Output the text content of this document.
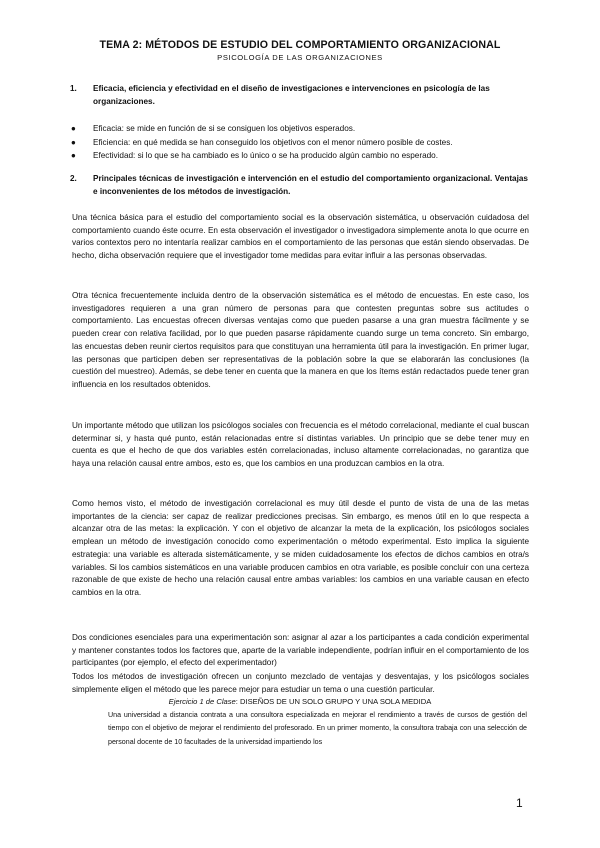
TEMA 2: MÉTODOS DE ESTUDIO DEL COMPORTAMIENTO ORGANIZACIONAL
PSICOLOGÍA DE LAS ORGANIZACIONES
1. Eficacia, eficiencia y efectividad en el diseño de investigaciones e intervenciones en psicología de las organizaciones.
● Eficacia: se mide en función de si se consiguen los objetivos esperados.
● Eficiencia: en qué medida se han conseguido los objetivos con el menor número posible de costes.
● Efectividad: si lo que se ha cambiado es lo único o se ha producido algún cambio no esperado.
2. Principales técnicas de investigación e intervención en el estudio del comportamiento organizacional. Ventajas e inconvenientes de los métodos de investigación.
Una técnica básica para el estudio del comportamiento social es la observación sistemática, u observación cuidadosa del comportamiento cuando éste ocurre. En esta observación el investigador o investigadora simplemente anota lo que ocurre en varios contextos pero no intentaría realizar cambios en el comportamiento de las personas que están siendo observadas. De hecho, dicha observación requiere que el investigador tome medidas para evitar influir a las personas observadas.
Otra técnica frecuentemente incluida dentro de la observación sistemática es el método de encuestas. En este caso, los investigadores requieren a una gran número de personas para que contesten preguntas sobre sus actitudes o comportamiento. Las encuestas ofrecen diversas ventajas como que pueden pasarse a una gran muestra fácilmente y se pueden crear con relativa facilidad, por lo que pueden pasarse rápidamente cuando surge un tema concreto. Sin embargo, las encuestas deben reunir ciertos requisitos para que constituyan una herramienta útil para la investigación. En primer lugar, las personas que participen deben ser representativas de la población sobre la que se elaborarán las conclusiones (la cuestión del muestreo). Además, se debe tener en cuenta que la manera en que los ítems están redactados puede tener gran influencia en los resultados obtenidos.
Un importante método que utilizan los psicólogos sociales con frecuencia es el método correlacional, mediante el cual buscan determinar si, y hasta qué punto, están relacionadas entre sí distintas variables. Un principio que se debe tener muy en cuenta es que el hecho de que dos variables estén correlacionadas, incluso altamente correlacionadas, no garantiza que haya una relación causal entre ambos, esto es, que los cambios en una produzcan cambios en la otra.
Como hemos visto, el método de investigación correlacional es muy útil desde el punto de vista de una de las metas importantes de la ciencia: ser capaz de realizar predicciones precisas. Sin embargo, es menos útil en lo que respecta a alcanzar otra de las metas: la explicación. Y con el objetivo de alcanzar la meta de la explicación, los psicólogos sociales emplean un método de investigación conocido como experimentación o método experimental. Esto implica la siguiente estrategia: una variable es alterada sistemáticamente, y se miden cuidadosamente los efectos de dichos cambios en otra/s variables. Si los cambios sistemáticos en una variable producen cambios en otra variable, es posible concluir con una certeza razonable de que existe de hecho una relación causal entre ambas variables: los cambios en una variable causan en efecto cambios en la otra.
Dos condiciones esenciales para una experimentación son: asignar al azar a los participantes a cada condición experimental y mantener constantes todos los factores que, aparte de la variable independiente, podrían influir en el comportamiento de los participantes (por ejemplo, el efecto del experimentador)
Todos los métodos de investigación ofrecen un conjunto mezclado de ventajas y desventajas, y los psicólogos sociales simplemente eligen el método que les parece mejor para estudiar un tema o una cuestión particular.
Ejercicio 1 de Clase: DISEÑOS DE UN SOLO GRUPO Y UNA SOLA MEDIDA
Una universidad a distancia contrata a una consultora especializada en mejorar el rendimiento a través de cursos de gestión del tiempo con el objetivo de mejorar el rendimiento del profesorado. En un primer momento, la consultora trabaja con una selección de personal docente de 10 facultades de la universidad impartiendo los
1
